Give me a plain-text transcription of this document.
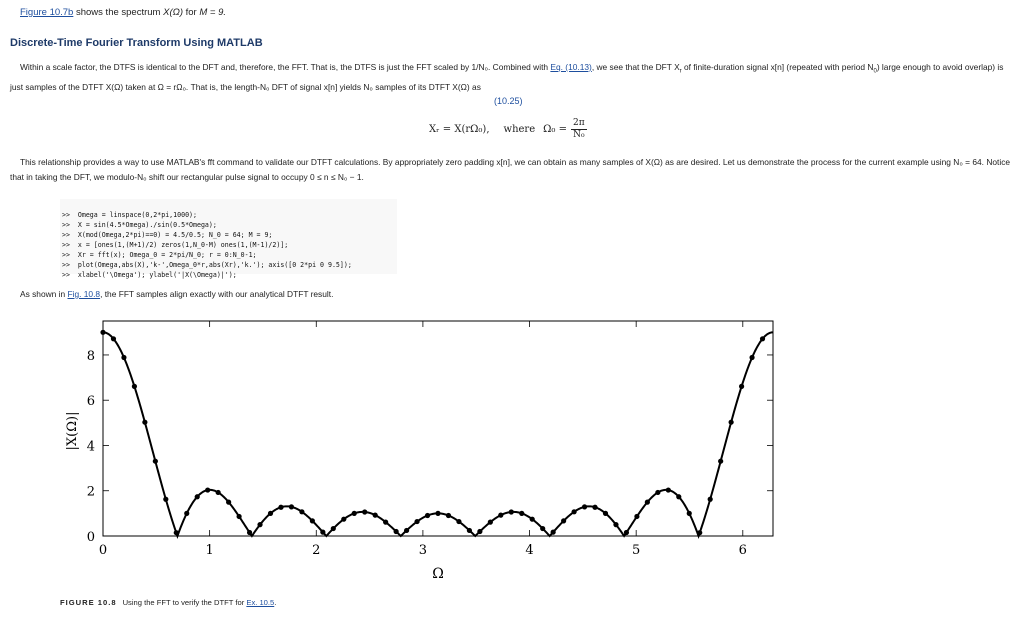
Figure 10.7b shows the spectrum X(Ω) for M = 9.
Discrete-Time Fourier Transform Using MATLAB
Within a scale factor, the DTFS is identical to the DFT and, therefore, the FFT. That is, the DTFS is just the FFT scaled by 1/N₀. Combined with Eq. (10.13), we see that the DFT $X_r$ of finite-duration signal x[n] (repeated with period $N_0$) large enough to avoid overlap) is just samples of the DTFT X(Ω) taken at Ω = rΩ₀. That is, the length-N₀ DFT of signal x[n] yields N₀ samples of its DTFT X(Ω) as
(10.25)
Xᵣ = X(rΩ₀), where $\Omega_0 = \frac{2\pi}{\text{N₀}}$
This relationship provides a way to use MATLAB's fft command to validate our DTFT calculations. By appropriately zero padding x[n], we can obtain as many samples of X(Ω) as are desired. Let us demonstrate the process for the current example using N₀ = 64. Notice that in taking the DFT, we modulo-N₀ shift our rectangular pulse signal to occupy 0 ≤ n ≤ N₀ − 1.

>>  Omega = linspace(0,2*pi,1000);
>>  X = sin(4.5*Omega)./sin(0.5*Omega);
>>  X(mod(Omega,2*pi)==0) = 4.5/0.5; N_0 = 64; M = 9;
>>  x = [ones(1,(M+1)/2) zeros(1,N_0-M) ones(1,(M-1)/2)];
>>  Xr = fft(x); Omega_0 = 2*pi/N_0; r = 0:N_0-1;
>>  plot(Omega,abs(X),'k-',Omega_0*r,abs(Xr),'k.'); axis([0 2*pi 0 9.5]);
>>  xlabel('\Omega'); ylabel('|X(\Omega)|');

As shown in Fig. 10.8, the FFT samples align exactly with our analytical DTFT result.
0	1	2	3	4	5	6
0
2
4
6
8
|X(Ω)|
Ω
FIGURE 10.8 Using the FFT to verify the DTFT for Ex. 10.5.
